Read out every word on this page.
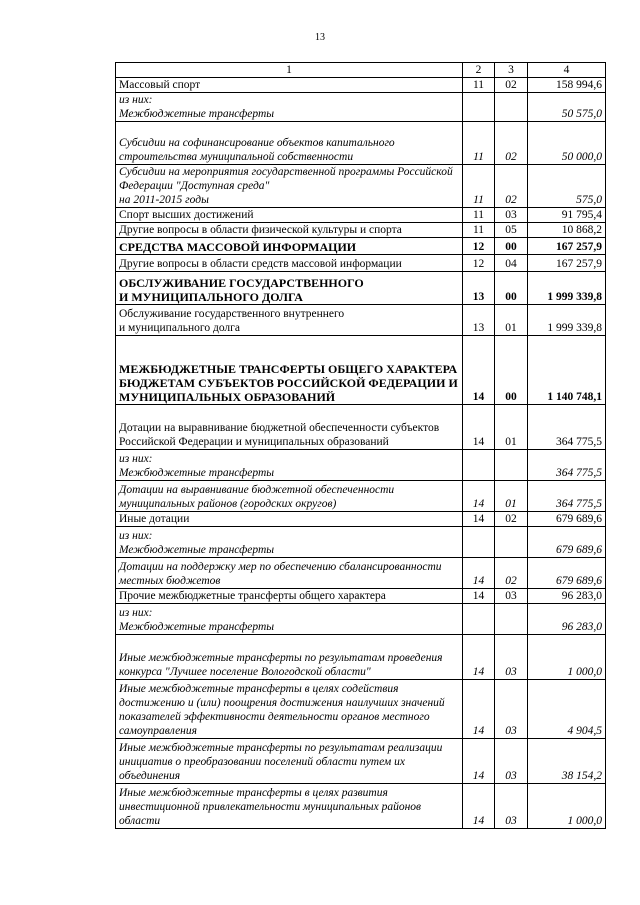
13
1	2	3	4
Массовый спорт	11	02	158 994,6
из них:
Межбюджетные трансферты			50 575,0
Субсидии на софинансирование объектов капитального строительства муниципальной собственности	11	02	50 000,0
Субсидии на мероприятия государственной программы Российской Федерации "Доступная среда"
на 2011-2015 годы	11	02	575,0
Спорт высших достижений	11	03	91 795,4
Другие вопросы в области физической культуры и спорта	11	05	10 868,2
СРЕДСТВА МАССОВОЙ ИНФОРМАЦИИ	12	00	167 257,9
Другие вопросы в области средств массовой информации	12	04	167 257,9
ОБСЛУЖИВАНИЕ ГОСУДАРСТВЕННОГО
И МУНИЦИПАЛЬНОГО ДОЛГА	13	00	1 999 339,8
Обслуживание государственного внутреннего
и муниципального долга	13	01	1 999 339,8
МЕЖБЮДЖЕТНЫЕ ТРАНСФЕРТЫ ОБЩЕГО ХАРАКТЕРА БЮДЖЕТАМ СУБЪЕКТОВ РОССИЙСКОЙ ФЕДЕРАЦИИ И МУНИЦИПАЛЬНЫХ ОБРАЗОВАНИЙ	14	00	1 140 748,1
Дотации на выравнивание бюджетной обеспеченности субъектов Российской Федерации и муниципальных образований	14	01	364 775,5
из них:
Межбюджетные трансферты			364 775,5
Дотации на выравнивание бюджетной обеспеченности муниципальных районов (городских округов)	14	01	364 775,5
Иные дотации	14	02	679 689,6
из них:
Межбюджетные трансферты			679 689,6
Дотации на поддержку мер по обеспечению сбалансированности местных бюджетов	14	02	679 689,6
Прочие межбюджетные трансферты общего характера	14	03	96 283,0
из них:
Межбюджетные трансферты			96 283,0
Иные межбюджетные трансферты по результатам проведения конкурса "Лучшее поселение Вологодской области"	14	03	1 000,0
Иные межбюджетные трансферты в целях содействия достижению и (или) поощрения достижения наилучших значений показателей эффективности деятельности органов местного самоуправления	14	03	4 904,5
Иные межбюджетные трансферты по результатам реализации инициатив о преобразовании поселений области путем их объединения	14	03	38 154,2
Иные межбюджетные трансферты в целях развития инвестиционной привлекательности муниципальных районов области	14	03	1 000,0
